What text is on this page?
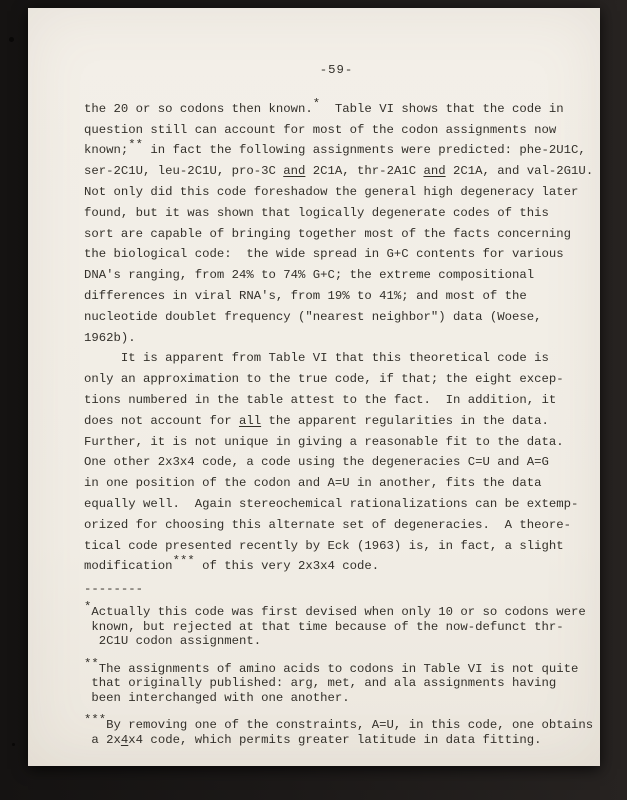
-59-
the 20 or so codons then known.*  Table VI shows that the code in
question still can account for most of the codon assignments now
known;** in fact the following assignments were predicted: phe-2U1C,
ser-2C1U, leu-2C1U, pro-3C and 2C1A, thr-2A1C and 2C1A, and val-2G1U.
Not only did this code foreshadow the general high degeneracy later
found, but it was shown that logically degenerate codes of this
sort are capable of bringing together most of the facts concerning
the biological code:  the wide spread in G+C contents for various
DNA's ranging, from 24% to 74% G+C; the extreme compositional
differences in viral RNA's, from 19% to 41%; and most of the
nucleotide doublet frequency ("nearest neighbor") data (Woese,
1962b).
It is apparent from Table VI that this theoretical code is
only an approximation to the true code, if that; the eight excep-
tions numbered in the table attest to the fact.  In addition, it
does not account for all the apparent regularities in the data.
Further, it is not unique in giving a reasonable fit to the data.
One other 2x3x4 code, a code using the degeneracies C=U and A=G
in one position of the codon and A=U in another, fits the data
equally well.  Again stereochemical rationalizations can be extemp-
orized for choosing this alternate set of degeneracies.  A theore-
tical code presented recently by Eck (1963) is, in fact, a slight
modification*** of this very 2x3x4 code.
--------
*Actually this code was first devised when only 10 or so codons were
known, but rejected at that time because of the now-defunct thr-
2C1U codon assignment.
**The assignments of amino acids to codons in Table VI is not quite
that originally published: arg, met, and ala assignments having
been interchanged with one another.
***By removing one of the constraints, A=U, in this code, one obtains
a 2x4x4 code, which permits greater latitude in data fitting.
